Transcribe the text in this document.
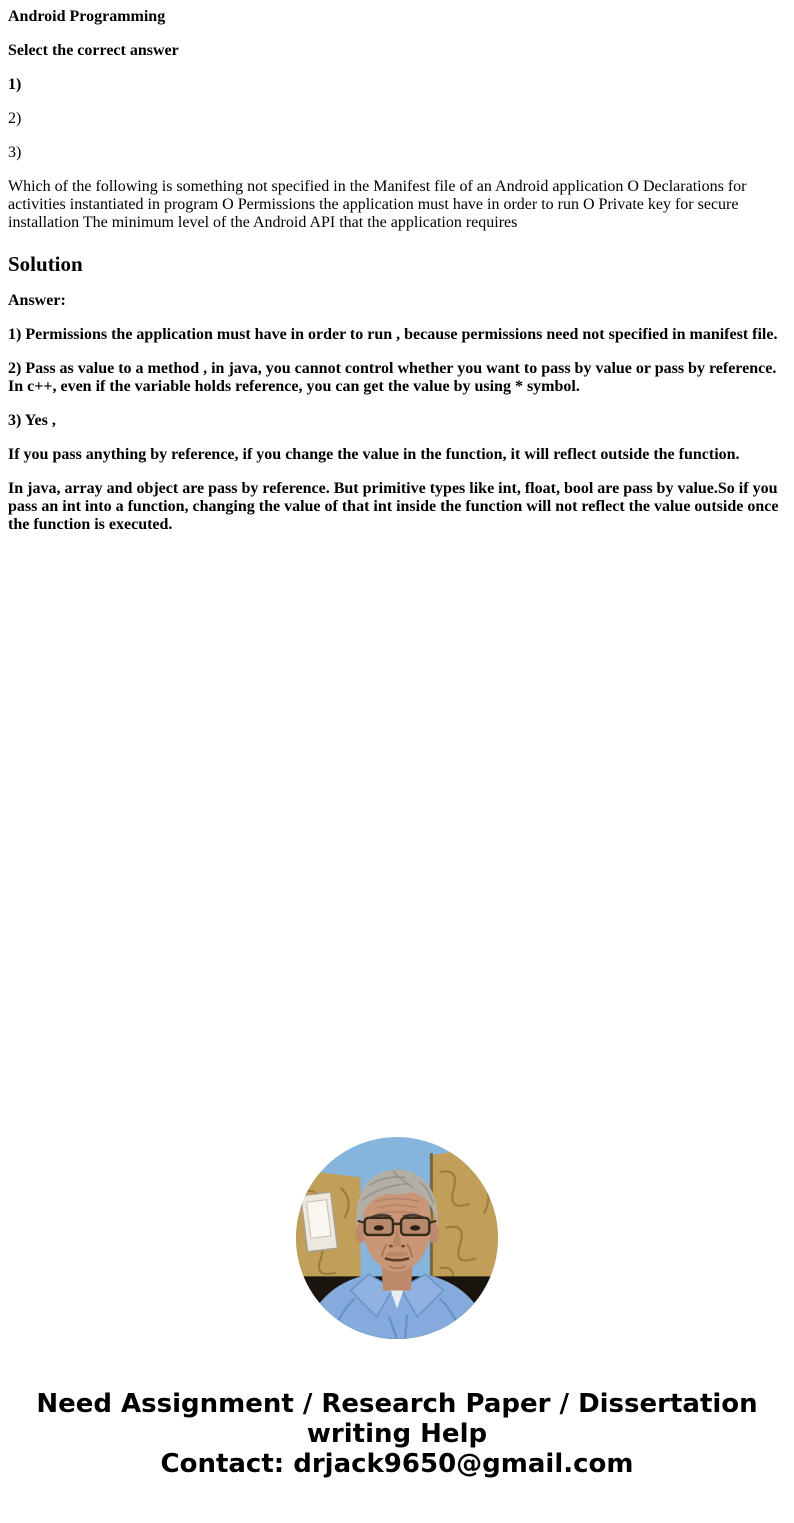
Android Programming

Select the correct answer

1)

2)

3)

Which of the following is something not specified in the Manifest file of an Android application O Declarations for activities instantiated in program O Permissions the application must have in order to run O Private key for secure installation The minimum level of the Android API that the application requires

Solution

Answer:

1) Permissions the application must have in order to run , because permissions need not specified in manifest file.

2) Pass as value to a method , in java, you cannot control whether you want to pass by value or pass by reference. In c++, even if the variable holds reference, you can get the value by using * symbol.

3) Yes ,

If you pass anything by reference, if you change the value in the function, it will reflect outside the function.

In java, array and object are pass by reference. But primitive types like int, float, bool are pass by value.So if you pass an int into a function, changing the value of that int inside the function will not reflect the value outside once the function is executed.

Need Assignment / Research Paper / Dissertation
writing Help
Contact: drjack9650@gmail.com
